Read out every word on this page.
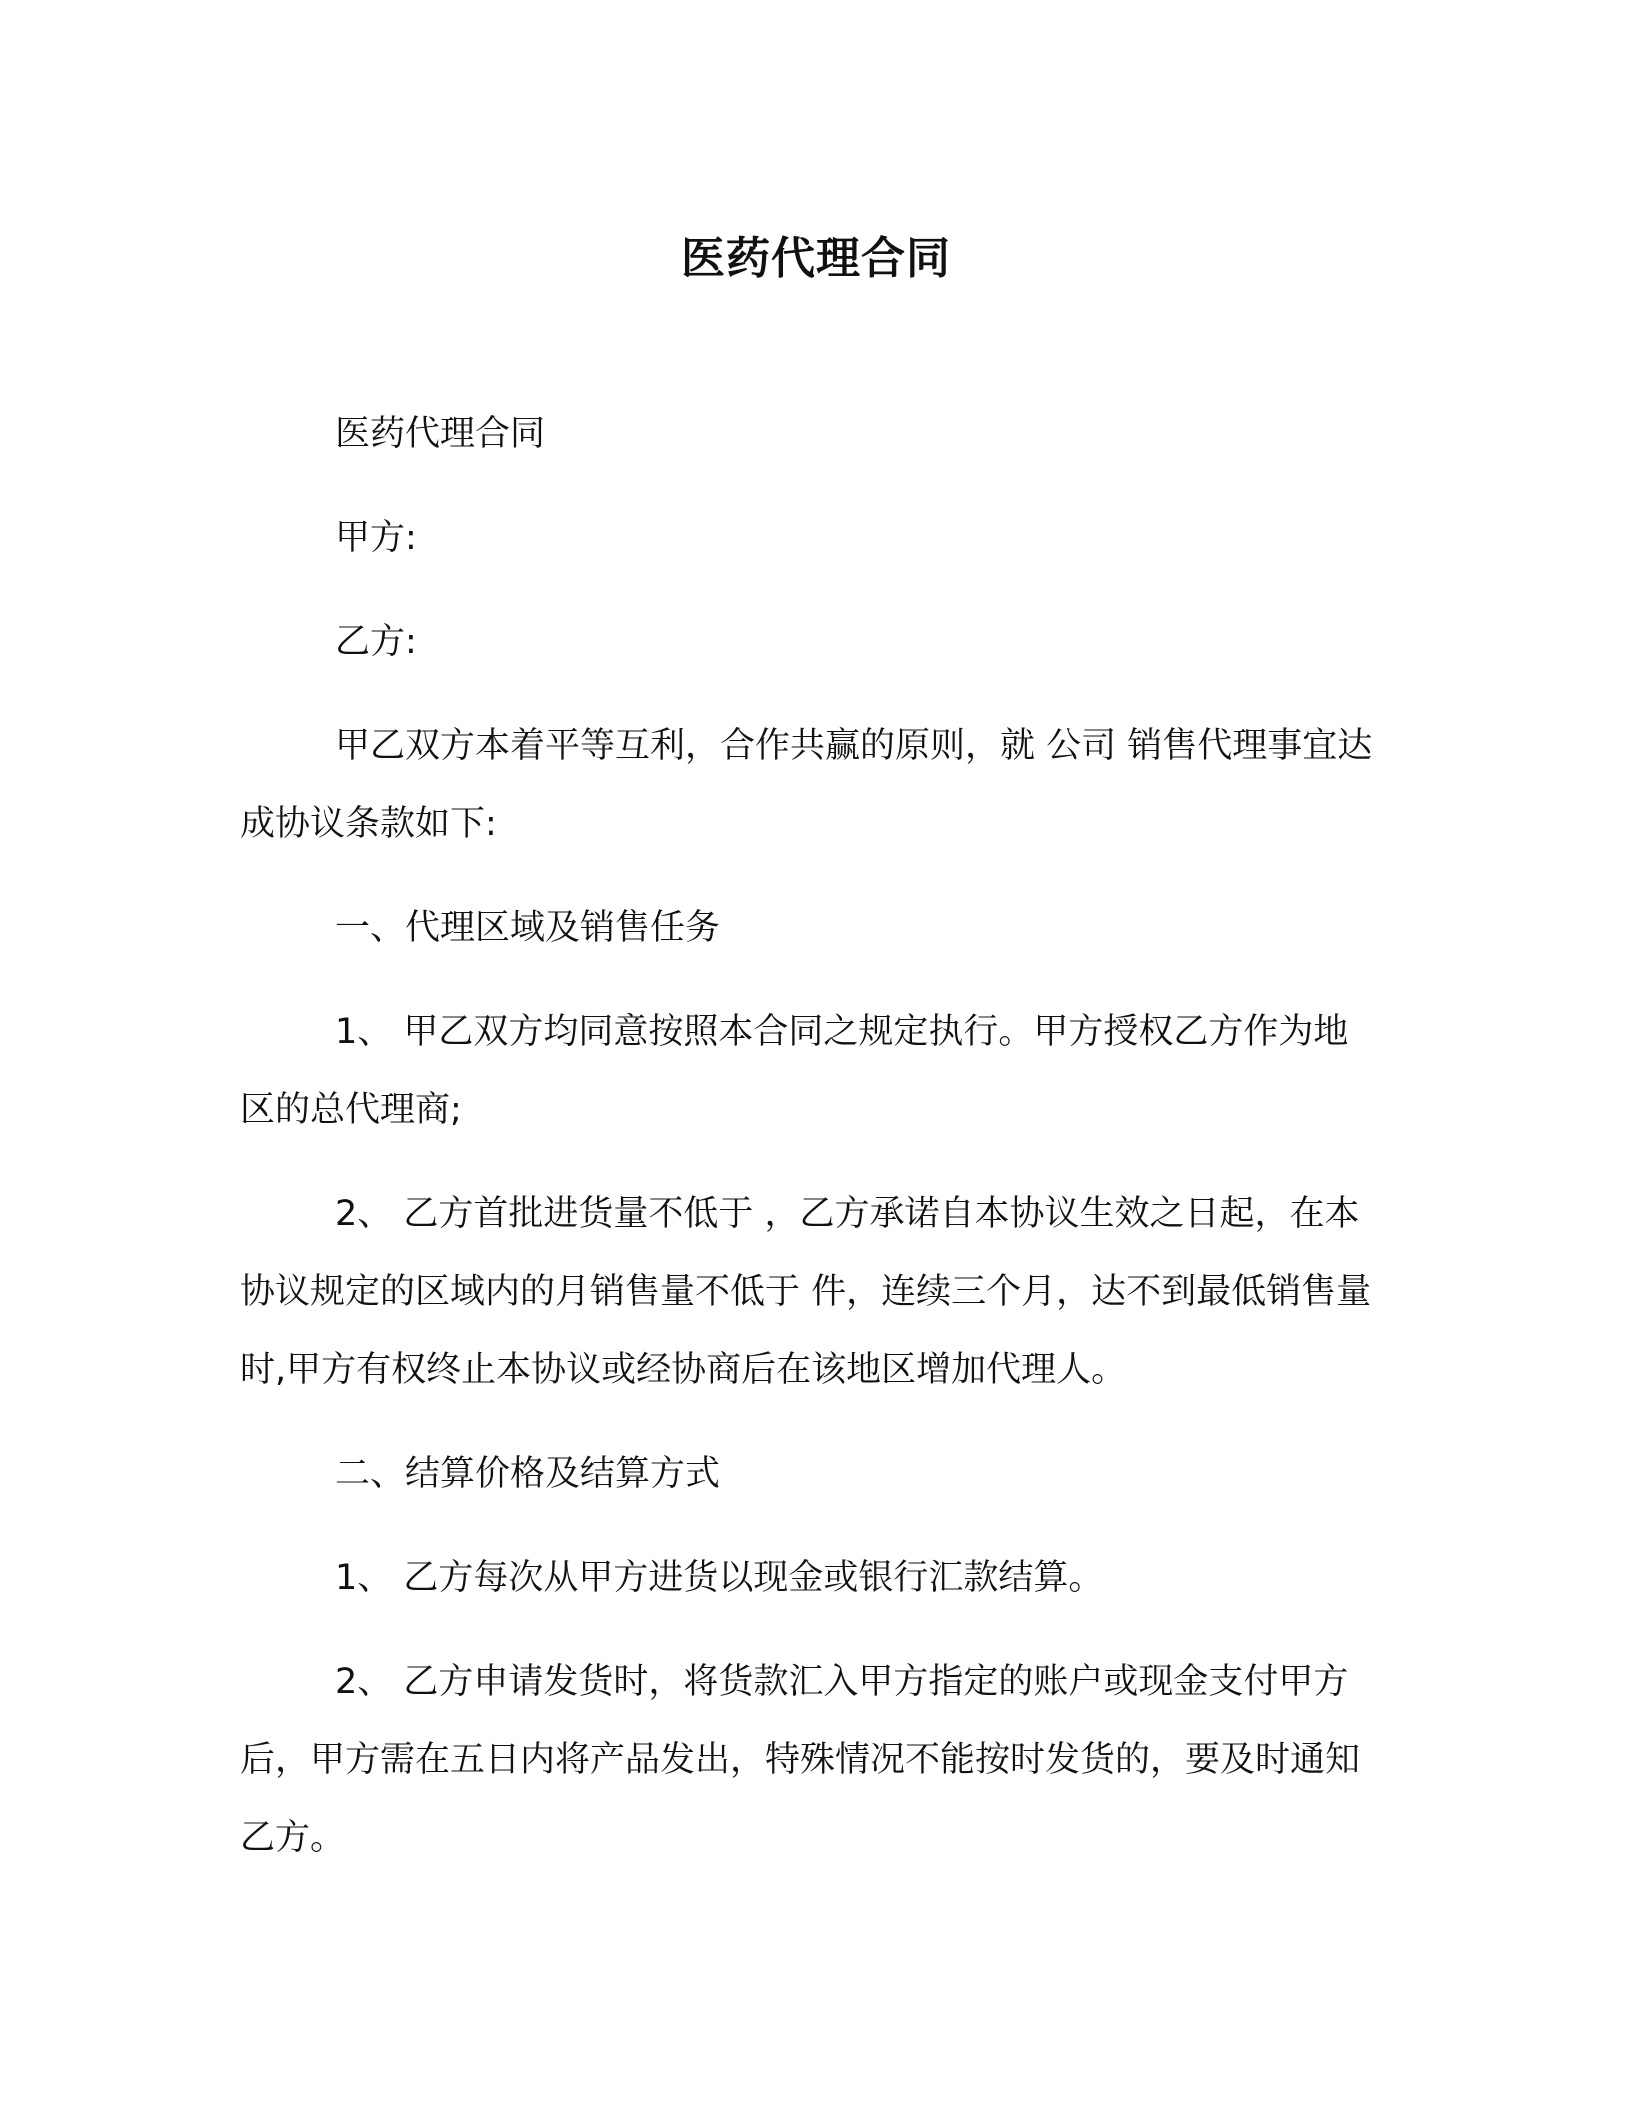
医药代理合同

医药代理合同

甲方:

乙方:

甲乙双方本着平等互利，合作共赢的原则，就 公司 销售代理事宜达成协议条款如下:

一、代理区域及销售任务

1、 甲乙双方均同意按照本合同之规定执行。甲方授权乙方作为地区的总代理商;

2、 乙方首批进货量不低于 ，乙方承诺自本协议生效之日起，在本协议规定的区域内的月销售量不低于 件，连续三个月，达不到最低销售量时,甲方有权终止本协议或经协商后在该地区增加代理人。

二、结算价格及结算方式

1、 乙方每次从甲方进货以现金或银行汇款结算。

2、 乙方申请发货时，将货款汇入甲方指定的账户或现金支付甲方后，甲方需在五日内将产品发出，特殊情况不能按时发货的，要及时通知乙方。
